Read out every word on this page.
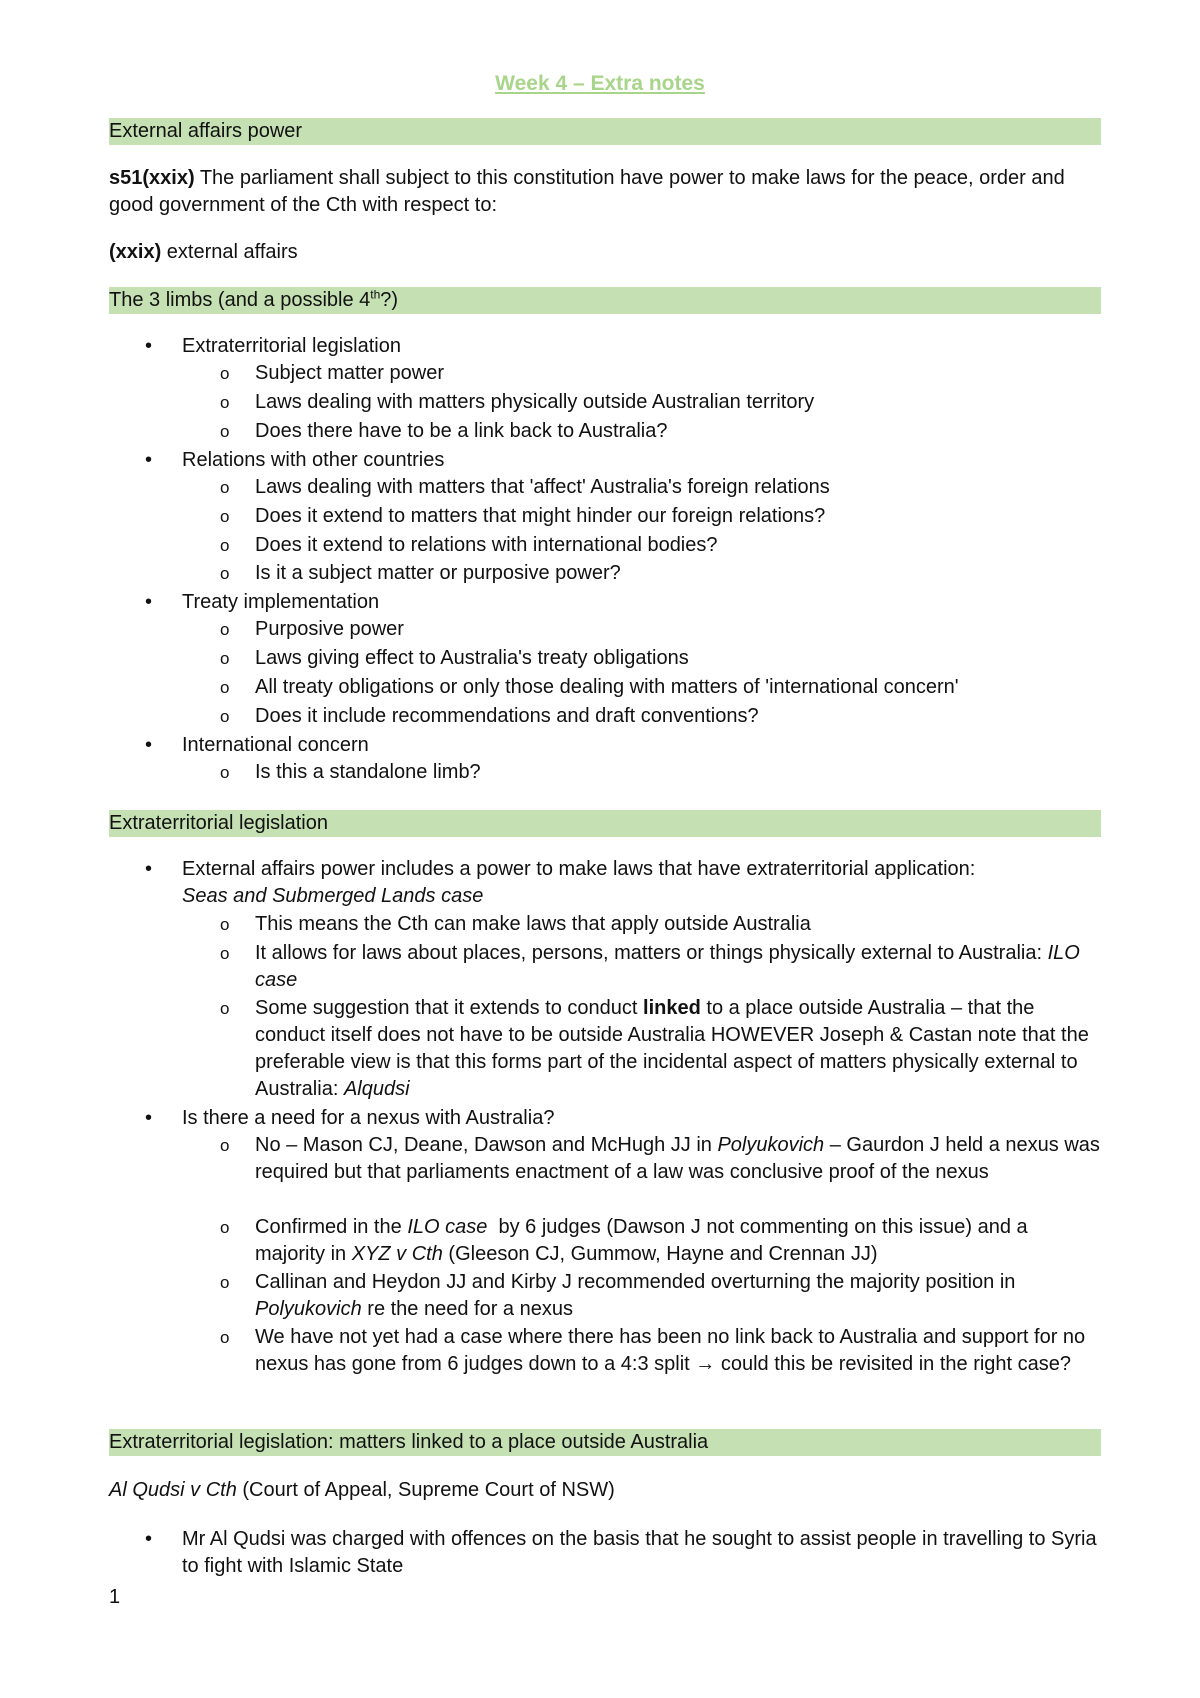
Week 4 – Extra notes
External affairs power
s51(xxix) The parliament shall subject to this constitution have power to make laws for the peace, order and good government of the Cth with respect to:
(xxix) external affairs
The 3 limbs (and a possible 4th?)
• Extraterritorial legislation
o Subject matter power
o Laws dealing with matters physically outside Australian territory
o Does there have to be a link back to Australia?
• Relations with other countries
o Laws dealing with matters that 'affect' Australia's foreign relations
o Does it extend to matters that might hinder our foreign relations?
o Does it extend to relations with international bodies?
o Is it a subject matter or purposive power?
• Treaty implementation
o Purposive power
o Laws giving effect to Australia's treaty obligations
o All treaty obligations or only those dealing with matters of 'international concern'
o Does it include recommendations and draft conventions?
• International concern
o Is this a standalone limb?
Extraterritorial legislation
• External affairs power includes a power to make laws that have extraterritorial application:
Seas and Submerged Lands case
o This means the Cth can make laws that apply outside Australia
o It allows for laws about places, persons, matters or things physically external to Australia: ILO case
o Some suggestion that it extends to conduct linked to a place outside Australia – that the conduct itself does not have to be outside Australia HOWEVER Joseph & Castan note that the preferable view is that this forms part of the incidental aspect of matters physically external to Australia: Alqudsi
• Is there a need for a nexus with Australia?
o No – Mason CJ, Deane, Dawson and McHugh JJ in Polyukovich – Gaurdon J held a nexus was required but that parliaments enactment of a law was conclusive proof of the nexus
o Confirmed in the ILO case by 6 judges (Dawson J not commenting on this issue) and a majority in XYZ v Cth (Gleeson CJ, Gummow, Hayne and Crennan JJ)
o Callinan and Heydon JJ and Kirby J recommended overturning the majority position in Polyukovich re the need for a nexus
o We have not yet had a case where there has been no link back to Australia and support for no nexus has gone from 6 judges down to a 4:3 split → could this be revisited in the right case?
Extraterritorial legislation: matters linked to a place outside Australia
Al Qudsi v Cth (Court of Appeal, Supreme Court of NSW)
• Mr Al Qudsi was charged with offences on the basis that he sought to assist people in travelling to Syria to fight with Islamic State
1
